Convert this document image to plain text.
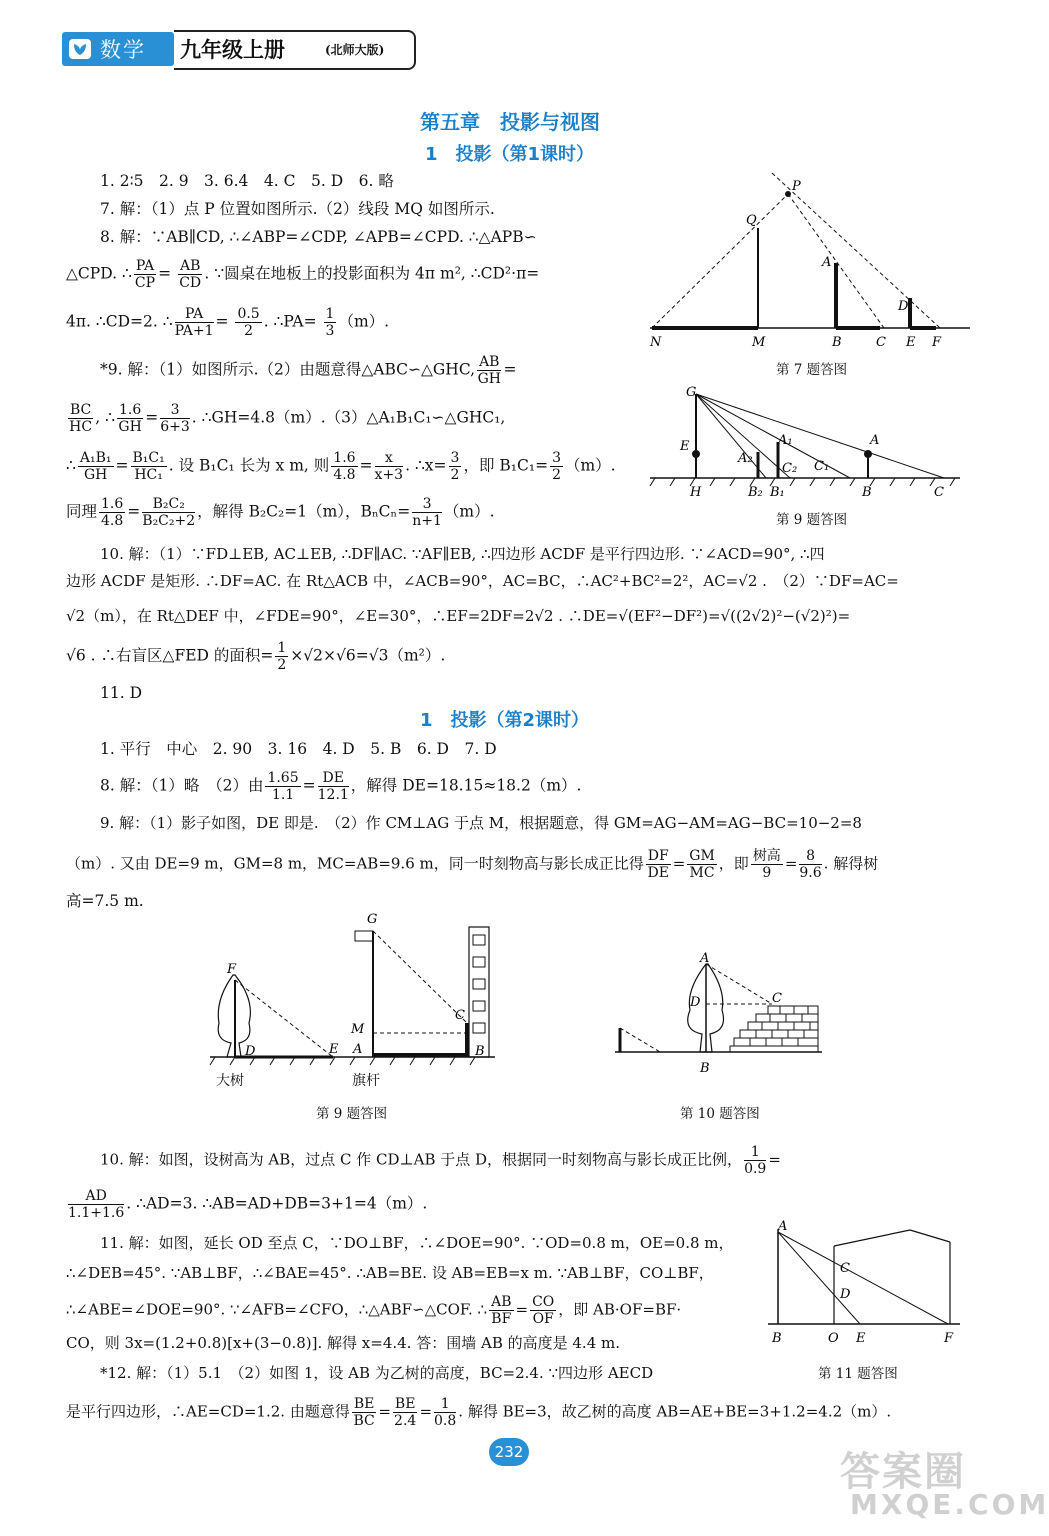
数学 九年级上册	(北师大版)
第五章　投影与视图
1　投影（第1课时）
1. 2∶5　2. 9　3. 6.4　4. C　5. D　6. 略
7. 解：（1）点 P 位置如图所示.（2）线段 MQ 如图所示.
8. 解：∵AB∥CD, ∴∠ABP=∠CDP, ∠APB=∠CPD. ∴△APB∽
△CPD. ∴ $\frac{PA}{CP} = \frac{AB}{CD}$ . ∵圆桌在地板上的投影面积为 4π m², ∴CD²·π=
4π. ∴CD=2. ∴ $\frac{PA}{PA+1} = \frac{0.5}{2}$ . ∴PA= $\frac{1}{3} (m)$.
*9. 解：（1）如图所示.（2）由题意得△ABC∽△GHC, $\frac{AB}{GH}$ =
$\frac{BC}{HC}$ , ∴ $\frac{1.6}{GH} = \frac{3}{6+3}$ . ∴GH=4.8（m）.（3）△A₁B₁C₁∽△GHC₁,
∴ $\frac{\text{A₁B₁}}{GH} = \frac{\text{B₁C₁}}{\text{HC₁}}$ . 设 B₁C₁ 长为 x m, 则 $\frac{1.6}{4.8} = \frac{x}{x+3}$ . ∴x= $\frac{3}{2}$ ，即 $B_1C_1= \frac{3}{2} (m)$.
同理 $\frac{1.6}{4.8} = \frac{\text{B₂C₂}}{\text{B₂C₂+2}}$ ，解得 B₂C₂=1（m），$B_nC_n= \frac{3}{n+1} (m)$.
10. 解：（1）∵FD⊥EB, AC⊥EB, ∴DF∥AC. ∵AF∥EB, ∴四边形 ACDF 是平行四边形. ∵∠ACD=90°, ∴四
边形 ACDF 是矩形. ∴DF=AC. 在 Rt△ACB 中，∠ACB=90°，AC=BC，∴AC²+BC²=2²，AC=√2 .　（2）∵DF=AC=
√2（m），在 Rt△DEF 中，∠FDE=90°，∠E=30°，∴EF=2DF=2√2 . ∴DE=√(EF²−DF²)=√((2√2)²−(√2)²)=
√6 . ∴右盲区△FED 的面积= $\frac{1}{2} \times√2\times√6=√3(m^2)$.
11. D
P
Q
A
D
N	M	B	C E F
第 7 题答图
G
E	A₁
A₂
C₂ C₁
A
H	B₂ B₁	B	C
第 9 题答图
1　投影（第2课时）
1. 平行　中心　2. 90　3. 16　4. D　5. B　6. D　7. D
8. 解：（1）略　（2）由 $\frac{1.65}{1.1} = \frac{DE}{12.1}$ ，解得 DE=18.15≈18.2（m）.
9. 解：（1）影子如图，DE 即是.　（2）作 CM⊥AG 于点 M，根据题意，得 GM=AG−AM=AG−BC=10−2=8
（m）. 又由 DE=9 m，GM=8 m，MC=AB=9.6 m，同一时刻物高与影长成正比得 $\frac{DF}{DE} = \frac{GM}{MC}$ ，即 $\frac{\text{树高}}{9} = \frac{8}{9.6}$ . 解得树
高=7.5 m.
G
F
D	E
M
A
C
B
大树	旗杆
第 9 题答图
A
D	C
B
第 10 题答图
10. 解：如图，设树高为 AB，过点 C 作 CD⊥AB 于点 D，根据同一时刻物高与影长成正比例， $\frac{1}{0.9}$ =
$\frac{AD}{1.1+1.6}$ . ∴AD=3. ∴AB=AD+DB=3+1=4（m）.
11. 解：如图，延长 OD 至点 C，∵DO⊥BF，∴∠DOE=90°. ∵OD=0.8 m，OE=0.8 m，
∴∠DEB=45°. ∵AB⊥BF，∴∠BAE=45°. ∴AB=BE. 设 AB=EB=x m. ∵AB⊥BF，CO⊥BF，
∴∠ABE=∠DOE=90°. ∵∠AFB=∠CFO，∴△ABF∽△COF. ∴ $\frac{AB}{BF} = \frac{CO}{OF}$ ，即 AB·OF=BF·
CO，则 3x=(1.2+0.8)[x+(3−0.8)]. 解得 x=4.4. 答：围墙 AB 的高度是 4.4 m.
*12. 解：（1）5.1　（2）如图 1，设 AB 为乙树的高度，BC=2.4. ∵四边形 AECD
是平行四边形，∴AE=CD=1.2. 由题意得 $\frac{BE}{BC} = \frac{BE}{2.4} = \frac{1}{0.8}$ . 解得 BE=3，故乙树的高度 AB=AE+BE=3+1.2=4.2（m）.
A
C
D
B	O E	F
第 11 题答图
232	答案圈
MXQE.COM
